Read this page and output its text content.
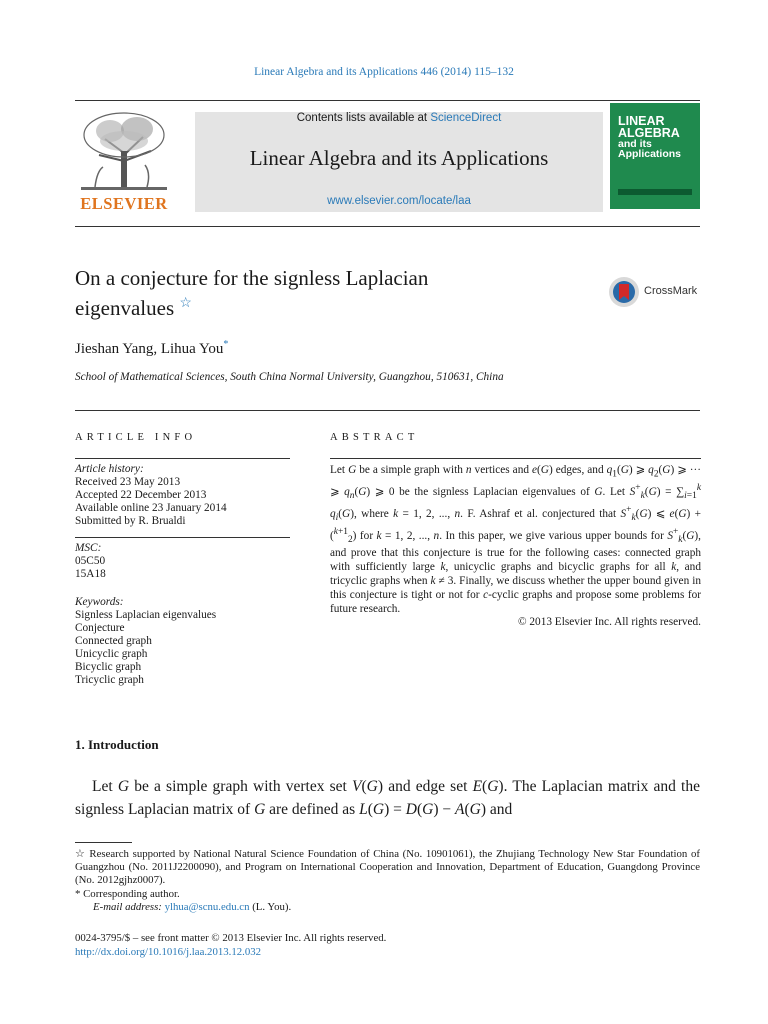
Linear Algebra and its Applications 446 (2014) 115–132
ELSEVIER
Contents lists available at ScienceDirect
Linear Algebra and its Applications
www.elsevier.com/locate/laa
LINEAR
ALGEBRA
and its
Applications
On a conjecture for the signless Laplacian
eigenvalues ☆
CrossMark
Jieshan Yang, Lihua You*
School of Mathematical Sciences, South China Normal University, Guangzhou, 510631, China
ARTICLE INFO	ABSTRACT
Article history:
Received 23 May 2013
Accepted 22 December 2013
Available online 23 January 2014
Submitted by R. Brualdi
MSC:
05C50
15A18
Keywords:
Signless Laplacian eigenvalues
Conjecture
Connected graph
Unicyclic graph
Bicyclic graph
Tricyclic graph
Let G be a simple graph with n vertices and e(G) edges, and $q_1(G)$ ⩾ $q_2(G)$ ⩾ ··· ⩾ $q_n(G)$ ⩾ 0 be the signless Laplacian eigenvalues of G. Let $S^+_k(G) = \sum_{i=1}^k$ $q_i(G)$, where k = 1, 2, ..., n. F. Ashraf et al. conjectured that $S^+_k(G)$ ⩽ e(G) + ($^{k+1}_2$) for k = 1, 2, ..., n. In this paper, we give various upper bounds for $S^+_k(G)$, and prove that this conjecture is true for the following cases: connected graph with sufficiently large k, unicyclic graphs and bicyclic graphs for all k, and tricyclic graphs when k ≠ 3. Finally, we discuss whether the upper bound given in this conjecture is tight or not for c-cyclic graphs and propose some problems for future research.
© 2013 Elsevier Inc. All rights reserved.
1. Introduction
Let G be a simple graph with vertex set V(G) and edge set E(G). The Laplacian matrix and the signless Laplacian matrix of G are defined as L(G) = D(G) − A(G) and

☆ Research supported by National Natural Science Foundation of China (No. 10901061), the Zhujiang Technology New Star Foundation of Guangzhou (No. 2011J2200090), and Program on International Cooperation and Innovation, Department of Education, Guangdong Province (No. 2012gjhz0007).

* Corresponding author.

E-mail address: ylhua@scnu.edu.cn (L. You).

0024-3795/$ – see front matter © 2013 Elsevier Inc. All rights reserved.
http://dx.doi.org/10.1016/j.laa.2013.12.032
